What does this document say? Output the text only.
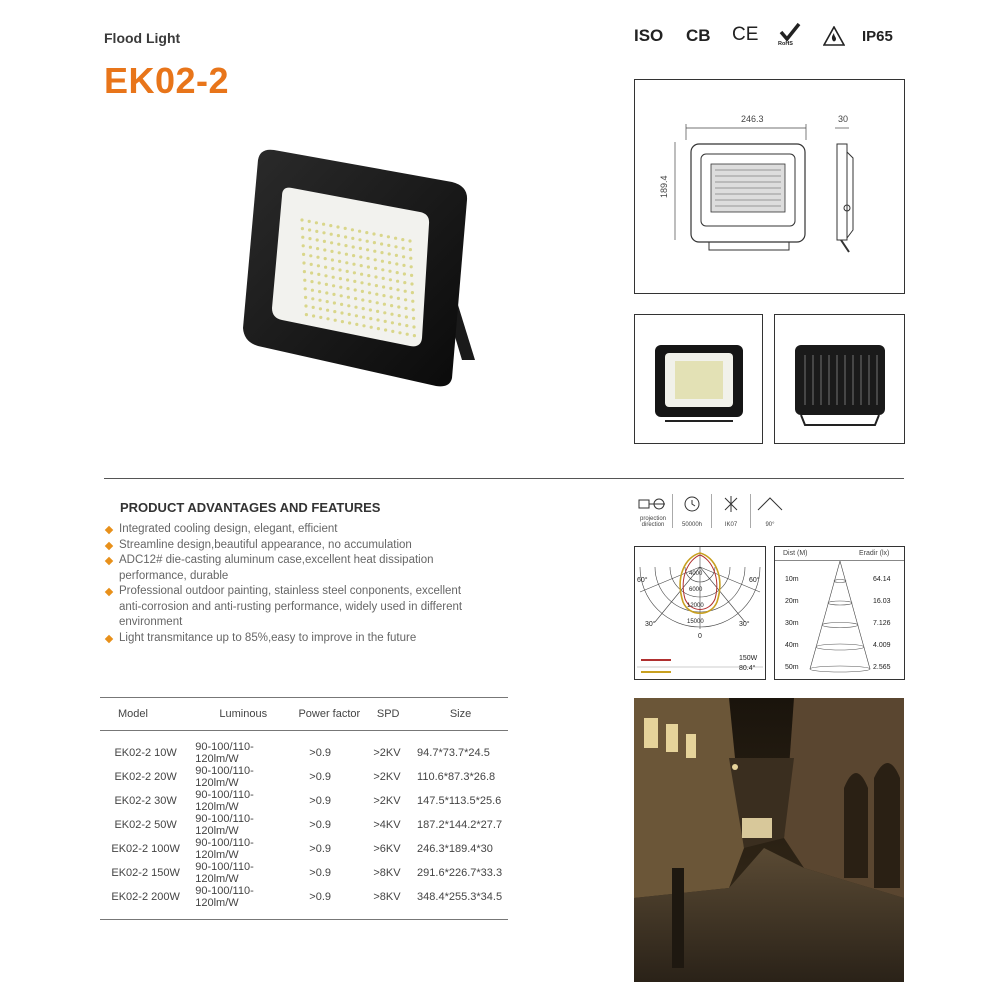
Flood Light
EK02-2
ISO CB CE	RoHS	IP65
246.3
189.4
30
PRODUCT ADVANTAGES AND FEATURES
Integrated cooling design, elegant, efficient
Streamline design,beautiful appearance, no accumulation
ADC12# die-casting aluminum case,excellent heat dissipation performance, durable
Professional outdoor painting, stainless steel conponents, excellent anti-corrosion and anti-rusting performance, widely used in different environment
Light transmitance up to 85%,easy to improve in the future
projection direction	50000h	IK07	90°
60°	60°
30°	30°
0
4000
6000
12000
15000
150W
80.4°
Dist (M)	Eradir (lx)
10m	64.14
20m	16.03
30m	7.126
40m	4.009
50m	2.565
Model	Luminous	Power factor	SPD	Size
EK02-2 10W	90-100/110-120lm/W	>0.9	>2KV	94.7*73.7*24.5
EK02-2 20W	90-100/110-120lm/W	>0.9	>2KV	110.6*87.3*26.8
EK02-2 30W	90-100/110-120lm/W	>0.9	>2KV	147.5*113.5*25.6
EK02-2 50W	90-100/110-120lm/W	>0.9	>4KV	187.2*144.2*27.7
EK02-2 100W	90-100/110-120lm/W	>0.9	>6KV	246.3*189.4*30
EK02-2 150W	90-100/110-120lm/W	>0.9	>8KV	291.6*226.7*33.3
EK02-2 200W	90-100/110-120lm/W	>0.9	>8KV	348.4*255.3*34.5
